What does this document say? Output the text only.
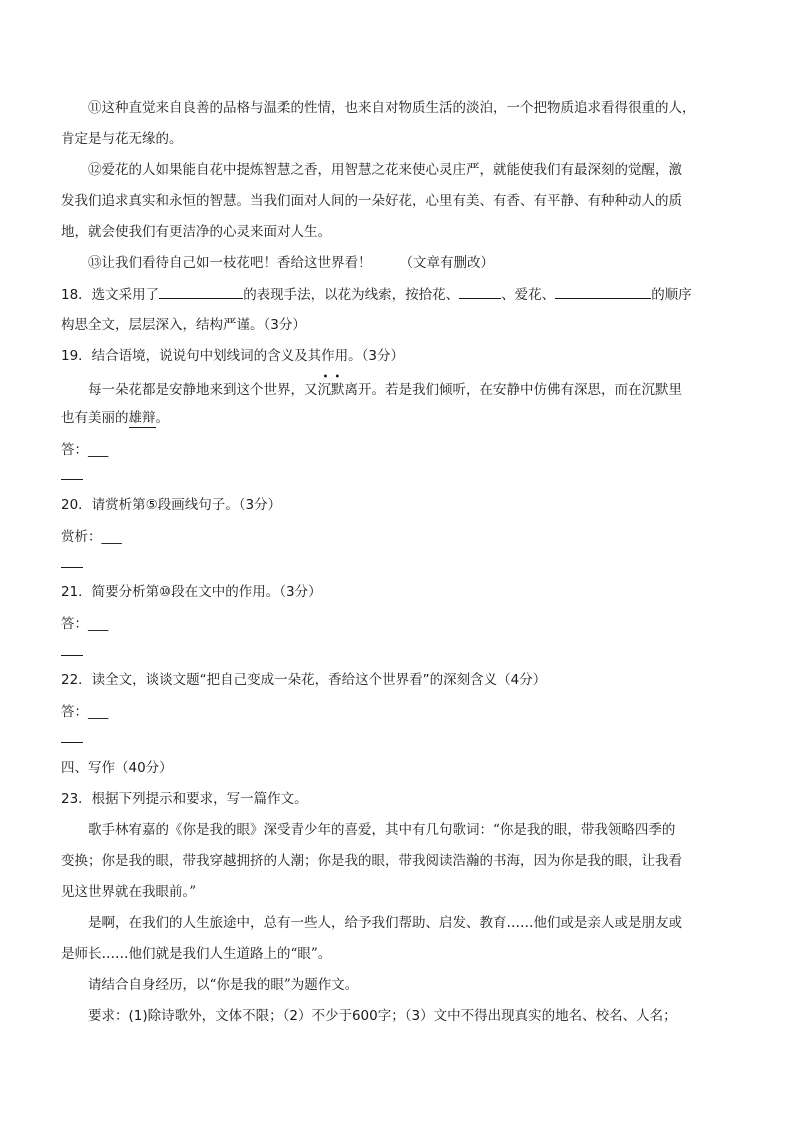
⑪这种直觉来自良善的品格与温柔的性情，也来自对物质生活的淡泊，一个把物质追求看得很重的人，
肯定是与花无缘的。
⑫爱花的人如果能自花中提炼智慧之香，用智慧之花来使心灵庄严，就能使我们有最深刻的觉醒，激
发我们追求真实和永恒的智慧。当我们面对人间的一朵好花，心里有美、有香、有平静、有种种动人的质
地，就会使我们有更洁净的心灵来面对人生。
⑬让我们看待自己如一枝花吧！香给这世界看！ （文章有删改）
18．选文采用了	的表现手法，以花为线索，按拾花、	、爱花、	的顺序
构思全文，层层深入，结构严谨。（3分）
19．结合语境，说说句中划线词的含义及其作用。（3分）
每一朵花都是安静地来到这个世界，又
••
沉默离开。若是我们倾听，在安静中仿佛有深思，而在沉默里
也有美丽的雄辩。
答：___
20．请赏析第⑤段画线句子。（3分）
赏析：___
21．简要分析第⑩段在文中的作用。（3分）
答：___
22．读全文，谈谈文题“把自己变成一朵花，香给这个世界看”的深刻含义（4分）
答：___
四、写作（40分）
23．根据下列提示和要求，写一篇作文。
歌手林宥嘉的《你是我的眼》深受青少年的喜爱，其中有几句歌词：“你是我的眼，带我领略四季的
变换；你是我的眼，带我穿越拥挤的人潮；你是我的眼，带我阅读浩瀚的书海，因为你是我的眼，让我看
见这世界就在我眼前。”
是啊，在我们的人生旅途中，总有一些人，给予我们帮助、启发、教育……他们或是亲人或是朋友或
是师长……他们就是我们人生道路上的“眼”。
请结合自身经历，以“你是我的眼”为题作文。
要求：(1)除诗歌外，文体不限；（2）不少于600字；（3）文中不得出现真实的地名、校名、人名；
